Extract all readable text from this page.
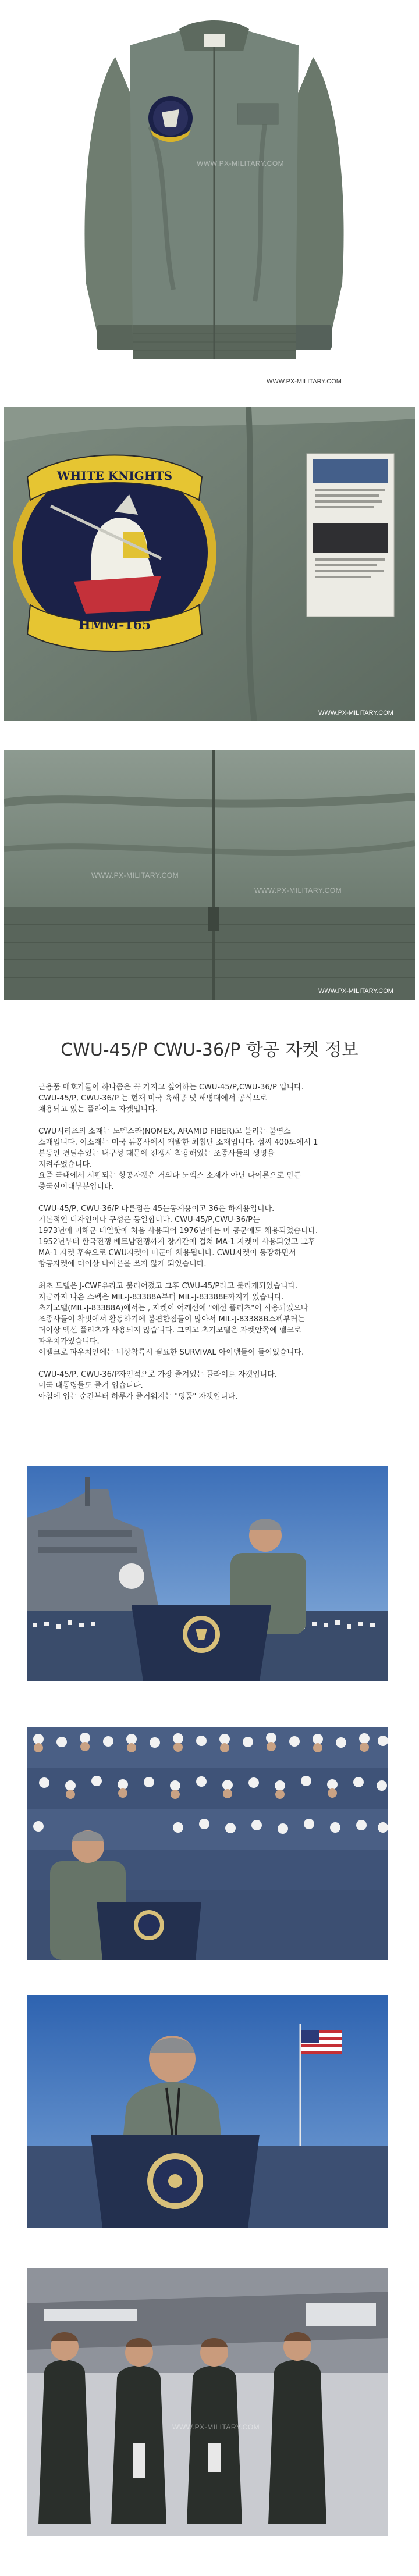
WWW.PX-MILITARY.COM
WWW.PX-MILITARY.COM
WHITE KNIGHTS
HMM-165
WWW.PX-MILITARY.COM
WWW.PX-MILITARY.COM
WWW.PX-MILITARY.COM
WWW.PX-MILITARY.COM
CWU-45/P CWU-36/P 항공 자켓 정보

군용품 매호가들이 하나쯤은 꼭 가지고 싶어하는 CWU-45/P,CWU-36/P 입니다.
CWU-45/P, CWU-36/P 는 현재 미국 육해공 및 해병대에서 공식으로
채용되고 있는 플라이트 자켓입니다.

CWU시리즈의 소재는 노멕스라(NOMEX, ARAMID FIBER)고 불리는 불연소
소재입니다. 이소재는 미국 듀퐁사에서 개발한 최첨단 소재입니다. 섭씨 400도에서 1
분동안 견딜수있는 내구성 때문에 전쟁시 착용해있는 조종사들의 생명을
지켜주었습니다.
요즘 국내에서 시판되는 항공자켓은 거의다 노멕스 소재가 아닌 나이론으로 만든
중국산이대부분입니다.

CWU-45/P, CWU-36/P 다른점은 45는동계용이고 36은 하계용입니다.
기본적인 디자인이나 구성은 동일합니다. CWU-45/P,CWU-36/P는
1973년에 미해군 테일핫에 처음 사용되어 1976년에는 미 공군에도 채용되었습니다.
1952년부터 한국전쟁 베트남전쟁까지 장기간에 걸쳐 MA-1 자켓이 사용되었고 그후
MA-1 자켓 후속으로 CWU자켓이 미군에 채용됩니다. CWU자켓이 등장하면서
항공자켓에 더이상 나이론을 쓰지 않게 되었습니다.

최초 모델은 J-CWF유라고 불리어졌고 그후 CWU-45/P라고 불리게되었습니다.
지금까지 나온 스펙은 MIL-J-83388A부터 MIL-J-83388E까지가 있습니다.
초기모델(MIL-J-83388A)에서는 , 자켓이 어께선에 "에선 플리츠"이 사용되었으나
조종사들이 착빗에서 활동하기에 불편한점들이 많아서 MIL-J-83388B스펙부터는
더이상 엑선 플리츠가 사용되지 않습니다. 그리고 초기모델은 자켓안쪽에 펠크로
파우치가있습니다.
이펠크로 파우치안에는 비상착륙시 필요한 SURVIVAL 아이템들이 들어있습니다.

CWU-45/P, CWU-36/P자인적으로 가장 즐겨있는 플라이트 자켓입니다.
미국 대통령들도 즐겨 입습니다.
아침에 입는 순간부터 하루가 즐거워지는 "명품" 자켓입니다.

WWW.PX-MILITARY.COM
